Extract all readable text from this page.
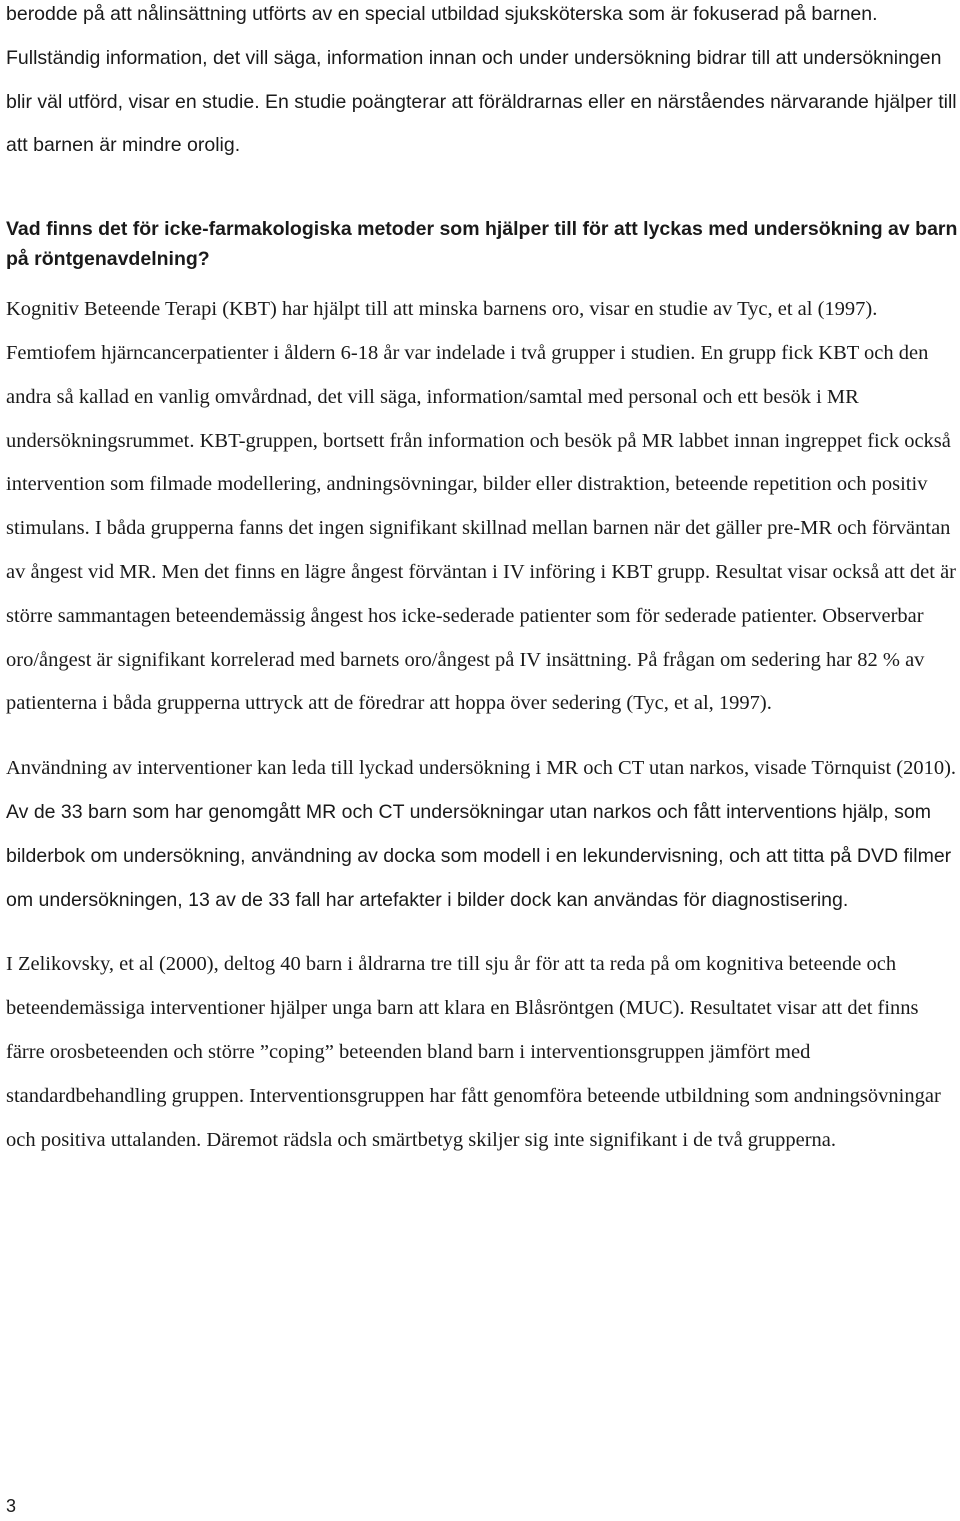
berodde på att nålinsättning utförts av en special utbildad sjuksköterska som är fokuserad på barnen. Fullständig information, det vill säga, information innan och under undersökning bidrar till att undersökningen blir väl utförd, visar en studie. En studie poängterar att föräldrarnas eller en närståendes närvarande hjälper till att barnen är mindre orolig.

Vad finns det för icke-farmakologiska metoder som hjälper till för att lyckas med undersökning av barn på röntgenavdelning?

Kognitiv Beteende Terapi (KBT) har hjälpt till att minska barnens oro, visar en studie av Tyc, et al (1997). Femtiofem hjärncancerpatienter i åldern 6-18 år var indelade i två grupper i studien. En grupp fick KBT och den andra så kallad en vanlig omvårdnad, det vill säga, information/samtal med personal och ett besök i MR undersökningsrummet. KBT-gruppen, bortsett från information och besök på MR labbet innan ingreppet fick också intervention som filmade modellering, andningsövningar, bilder eller distraktion, beteende repetition och positiv stimulans. I båda grupperna fanns det ingen signifikant skillnad mellan barnen när det gäller pre-MR och förväntan av ångest vid MR. Men det finns en lägre ångest förväntan i IV införing i KBT grupp. Resultat visar också att det är större sammantagen beteendemässig ångest hos icke-sederade patienter som för sederade patienter. Observerbar oro/ångest är signifikant korrelerad med barnets oro/ångest på IV insättning. På frågan om sedering har 82 % av patienterna i båda grupperna uttryck att de föredrar att hoppa över sedering (Tyc, et al, 1997).

Användning av interventioner kan leda till lyckad undersökning i MR och CT utan narkos, visade Törnquist (2010). Av de 33 barn som har genomgått MR och CT undersökningar utan narkos och fått interventions hjälp, som bilderbok om undersökning, användning av docka som modell i en lekundervisning, och att titta på DVD filmer om undersökningen, 13 av de 33 fall har artefakter i bilder dock kan användas för diagnostisering.

I Zelikovsky, et al (2000), deltog 40 barn i åldrarna tre till sju år för att ta reda på om kognitiva beteende och beteendemässiga interventioner hjälper unga barn att klara en Blåsröntgen (MUC). Resultatet visar att det finns färre orosbeteenden och större ”coping” beteenden bland barn i interventionsgruppen jämfört med standardbehandling gruppen. Interventionsgruppen har fått genomföra beteende utbildning som andningsövningar och positiva uttalanden. Däremot rädsla och smärtbetyg skiljer sig inte signifikant i de två grupperna.

3
